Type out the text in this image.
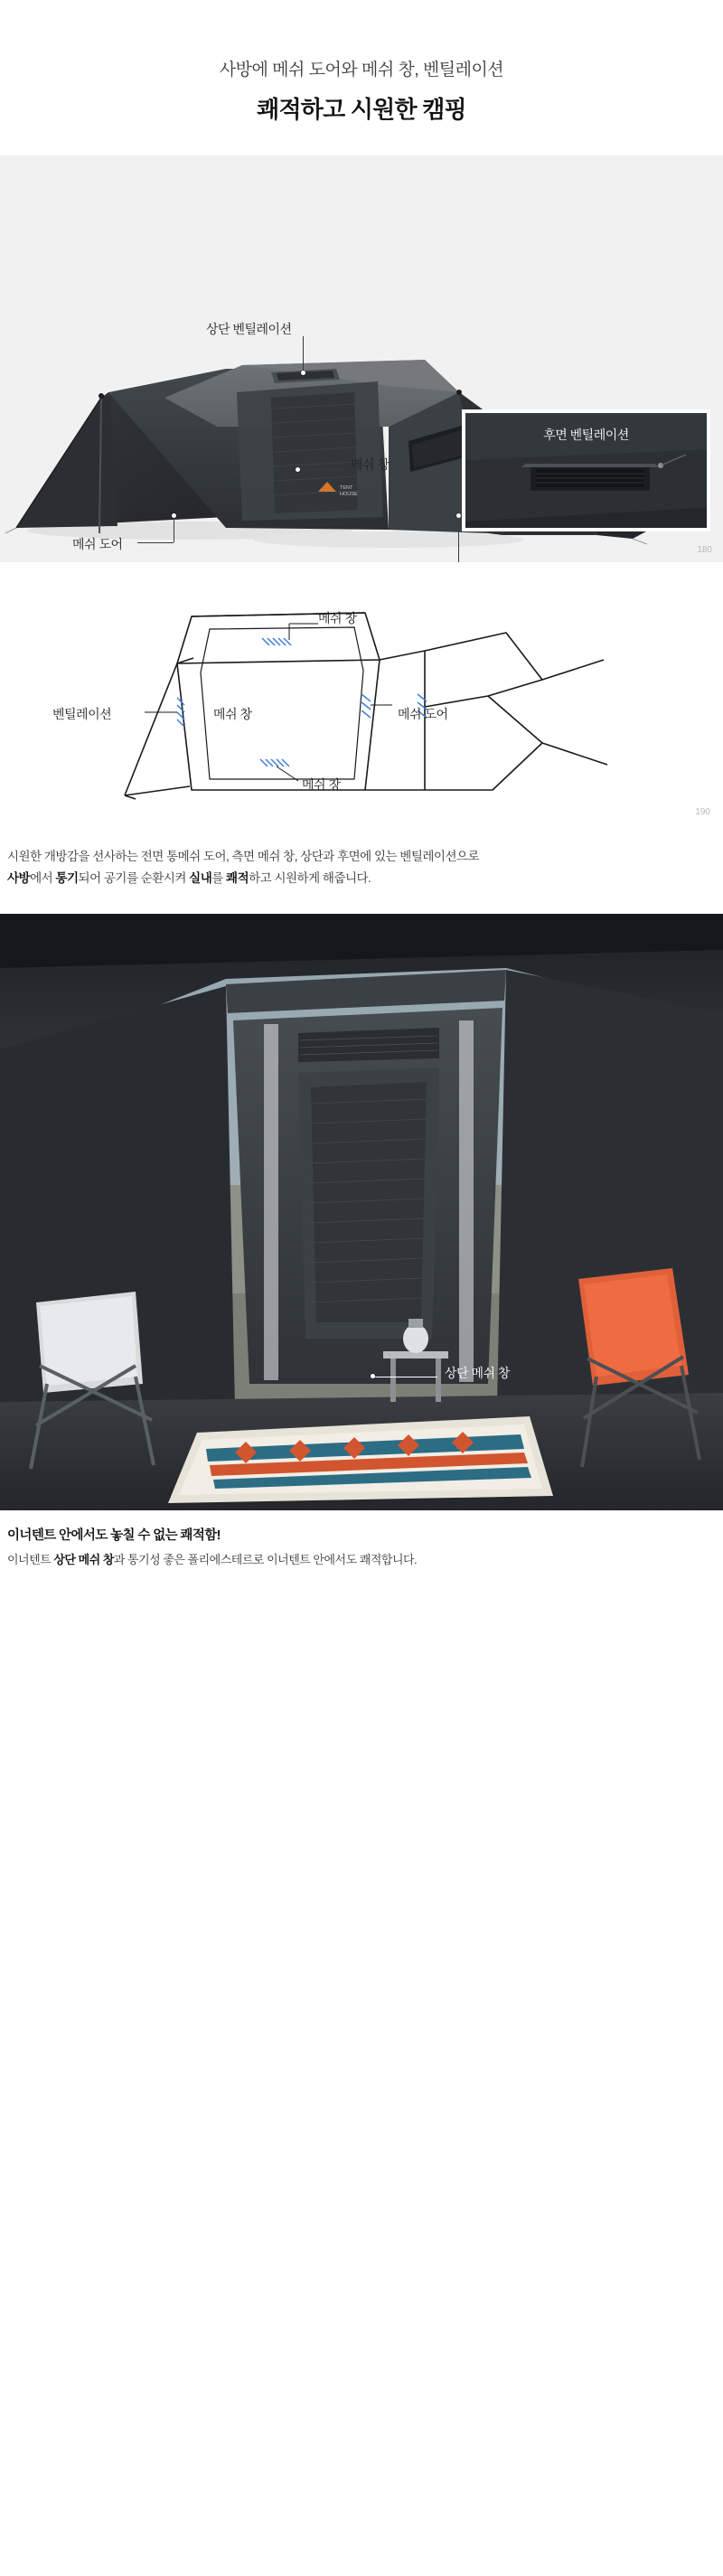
사방에 메쉬 도어와 메쉬 창, 벤틸레이션
쾌적하고 시원한 캠핑
TENT
HOUSE
상단 벤틸레이션
메쉬 창
메쉬 도어
후면 벤틸레이션
180
메쉬 창
벤틸레이션	메쉬 창	메쉬 도어
메쉬 창
190
시원한 개방감을 선사하는 전면 통메쉬 도어, 측면 메쉬 창, 상단과 후면에 있는 벤틸레이션으로
사방에서 통기되어 공기를 순환시켜 실내를 쾌적하고 시원하게 해줍니다.
상단 메쉬 창
이너텐트 안에서도 놓칠 수 없는 쾌적함!
이너텐트 상단 메쉬 창과 통기성 좋은 폴리에스테르로 이너텐트 안에서도 쾌적합니다.
